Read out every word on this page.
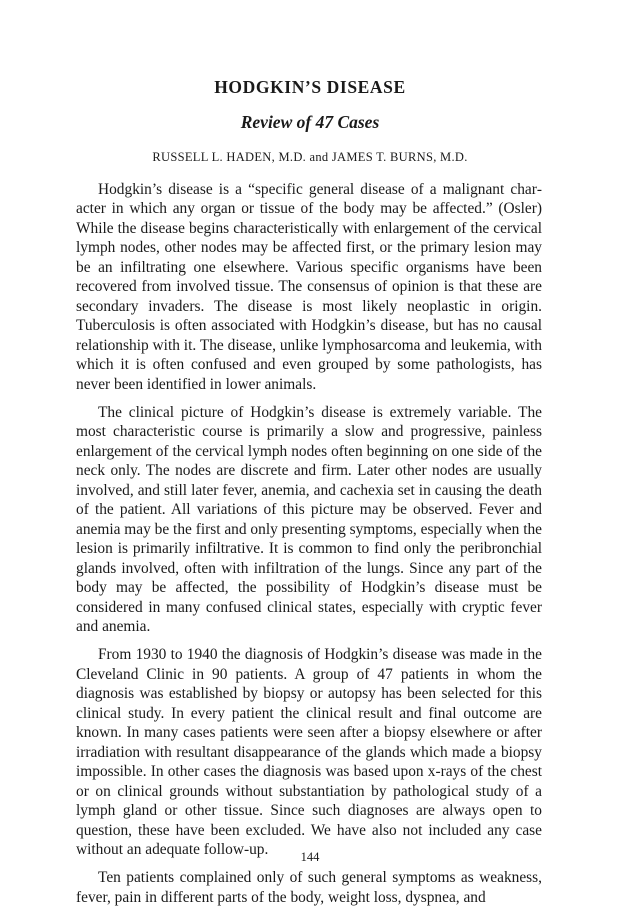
HODGKIN’S DISEASE
Review of 47 Cases
RUSSELL L. HADEN, M.D. and JAMES T. BURNS, M.D.

Hodgkin’s disease is a “specific general disease of a malignant character in which any organ or tissue of the body may be affected.” (Osler) While the disease begins characteristically with enlargement of the cervical lymph nodes, other nodes may be affected first, or the primary lesion may be an infiltrating one elsewhere. Various specific organisms have been recovered from involved tissue. The consensus of opinion is that these are secondary invaders. The disease is most likely neoplastic in origin. Tuberculosis is often associated with Hodgkin’s disease, but has no causal relationship with it. The disease, unlike lymphosarcoma and leukemia, with which it is often confused and even grouped by some pathologists, has never been identified in lower animals.

The clinical picture of Hodgkin’s disease is extremely variable. The most characteristic course is primarily a slow and progressive, painless enlargement of the cervical lymph nodes often beginning on one side of the neck only. The nodes are discrete and firm. Later other nodes are usually involved, and still later fever, anemia, and cachexia set in causing the death of the patient. All variations of this picture may be observed. Fever and anemia may be the first and only presenting symptoms, especially when the lesion is primarily infiltrative. It is common to find only the peribronchial glands involved, often with infiltration of the lungs. Since any part of the body may be affected, the possibility of Hodgkin’s disease must be considered in many confused clinical states, especially with cryptic fever and anemia.

From 1930 to 1940 the diagnosis of Hodgkin’s disease was made in the Cleveland Clinic in 90 patients. A group of 47 patients in whom the diagnosis was established by biopsy or autopsy has been selected for this clinical study. In every patient the clinical result and final outcome are known. In many cases patients were seen after a biopsy elsewhere or after irradiation with resultant disappearance of the glands which made a biopsy impossible. In other cases the diagnosis was based upon x-rays of the chest or on clinical grounds without substantiation by pathological study of a lymph gland or other tissue. Since such diagnoses are always open to question, these have been excluded. We have also not included any case without an adequate follow-up.

Ten patients complained only of such general symptoms as weakness, fever, pain in different parts of the body, weight loss, dyspnea, and

144
